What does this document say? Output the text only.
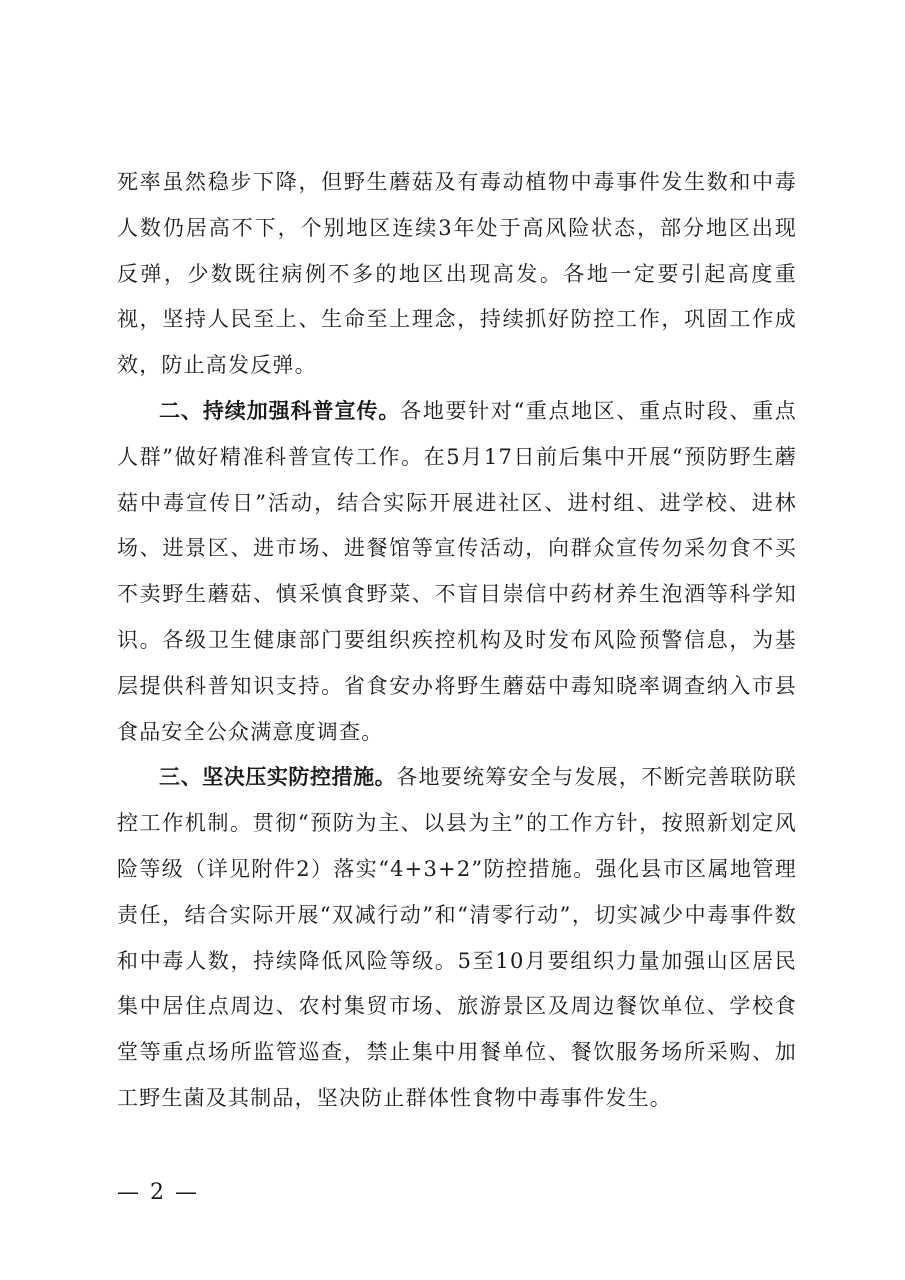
死率虽然稳步下降，但野生蘑菇及有毒动植物中毒事件发生数和中毒人数仍居高不下，个别地区连续3年处于高风险状态，部分地区出现反弹，少数既往病例不多的地区出现高发。各地一定要引起高度重视，坚持人民至上、生命至上理念，持续抓好防控工作，巩固工作成效，防止高发反弹。

二、持续加强科普宣传。各地要针对“重点地区、重点时段、重点人群”做好精准科普宣传工作。在5月17日前后集中开展“预防野生蘑菇中毒宣传日”活动，结合实际开展进社区、进村组、进学校、进林场、进景区、进市场、进餐馆等宣传活动，向群众宣传勿采勿食不买不卖野生蘑菇、慎采慎食野菜、不盲目崇信中药材养生泡酒等科学知识。各级卫生健康部门要组织疾控机构及时发布风险预警信息，为基层提供科普知识支持。省食安办将野生蘑菇中毒知晓率调查纳入市县食品安全公众满意度调查。

三、坚决压实防控措施。各地要统筹安全与发展，不断完善联防联控工作机制。贯彻“预防为主、以县为主”的工作方针，按照新划定风险等级（详见附件2）落实“4+3+2”防控措施。强化县市区属地管理责任，结合实际开展“双减行动”和“清零行动”，切实减少中毒事件数和中毒人数，持续降低风险等级。5至10月要组织力量加强山区居民集中居住点周边、农村集贸市场、旅游景区及周边餐饮单位、学校食堂等重点场所监管巡查，禁止集中用餐单位、餐饮服务场所采购、加工野生菌及其制品，坚决防止群体性食物中毒事件发生。

— 2 —
